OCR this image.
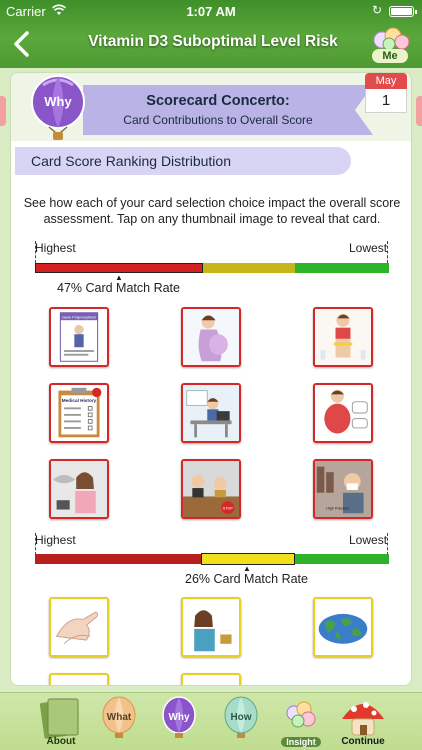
Carrier	1:07 AM	↻
Vitamin D3 Suboptimal Level Risk
Me
Scorecard Concerto:
Card Contributions to Overall Score
Why
May
1
Card Score Ranking Distribution
See how each of your card selection choice impact the overall score assessment. Tap on any thumbnail image to reveal that card.
Highest	Lowest
▲
47% Card Match Rate
Gene Polymorphism
Medical History
STOP	High Pollution
Highest	Lowest
▲
26% Card Match Rate
About
What	Why	How
Insight	Continue
